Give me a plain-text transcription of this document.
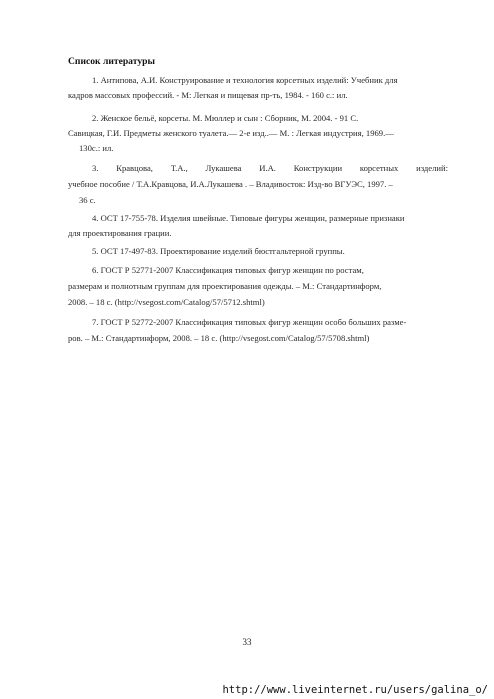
Список литературы
1. Антипова, А.И. Конструирование и технология корсетных изделий: Учебник для
кадров массовых профессий. - М: Легкая и пищевая пр-ть, 1984. - 160 с.: ил.
2. Женское бельё, корсеты. М. Мюллер и сын : Сборник, М. 2004. - 91 С.
Савицкая, Г.И. Предметы женского туалета.— 2-е изд..— М. : Легкая индустрия, 1969.—
130с.: ил.
3. Кравцова, Т.А., Лукашева И.А. Конструкции корсетных изделий:
учебное пособие / Т.А.Кравцова, И.А.Лукашева . – Владивосток: Изд-во ВГУЭС, 1997. –
36 с.
4. ОСТ 17-755-78. Изделия швейные. Типовые фигуры женщин, размерные признаки
для проектирования грации.
5. ОСТ 17-497-83. Проектирование изделий бюстгальтерной группы.
6. ГОСТ Р 52771-2007 Классификация типовых фигур женщин по ростам,
размерам и полнотным группам для проектирования одежды. – М.: Стандартинформ,
2008. – 18 с. (http://vsegost.com/Catalog/57/5712.shtml)
7. ГОСТ Р 52772-2007 Классификация типовых фигур женщин особо больших разме-
ров. – М.: Стандартинформ, 2008. – 18 с. (http://vsegost.com/Catalog/57/5708.shtml)
33
http://www.liveinternet.ru/users/galina_o/
